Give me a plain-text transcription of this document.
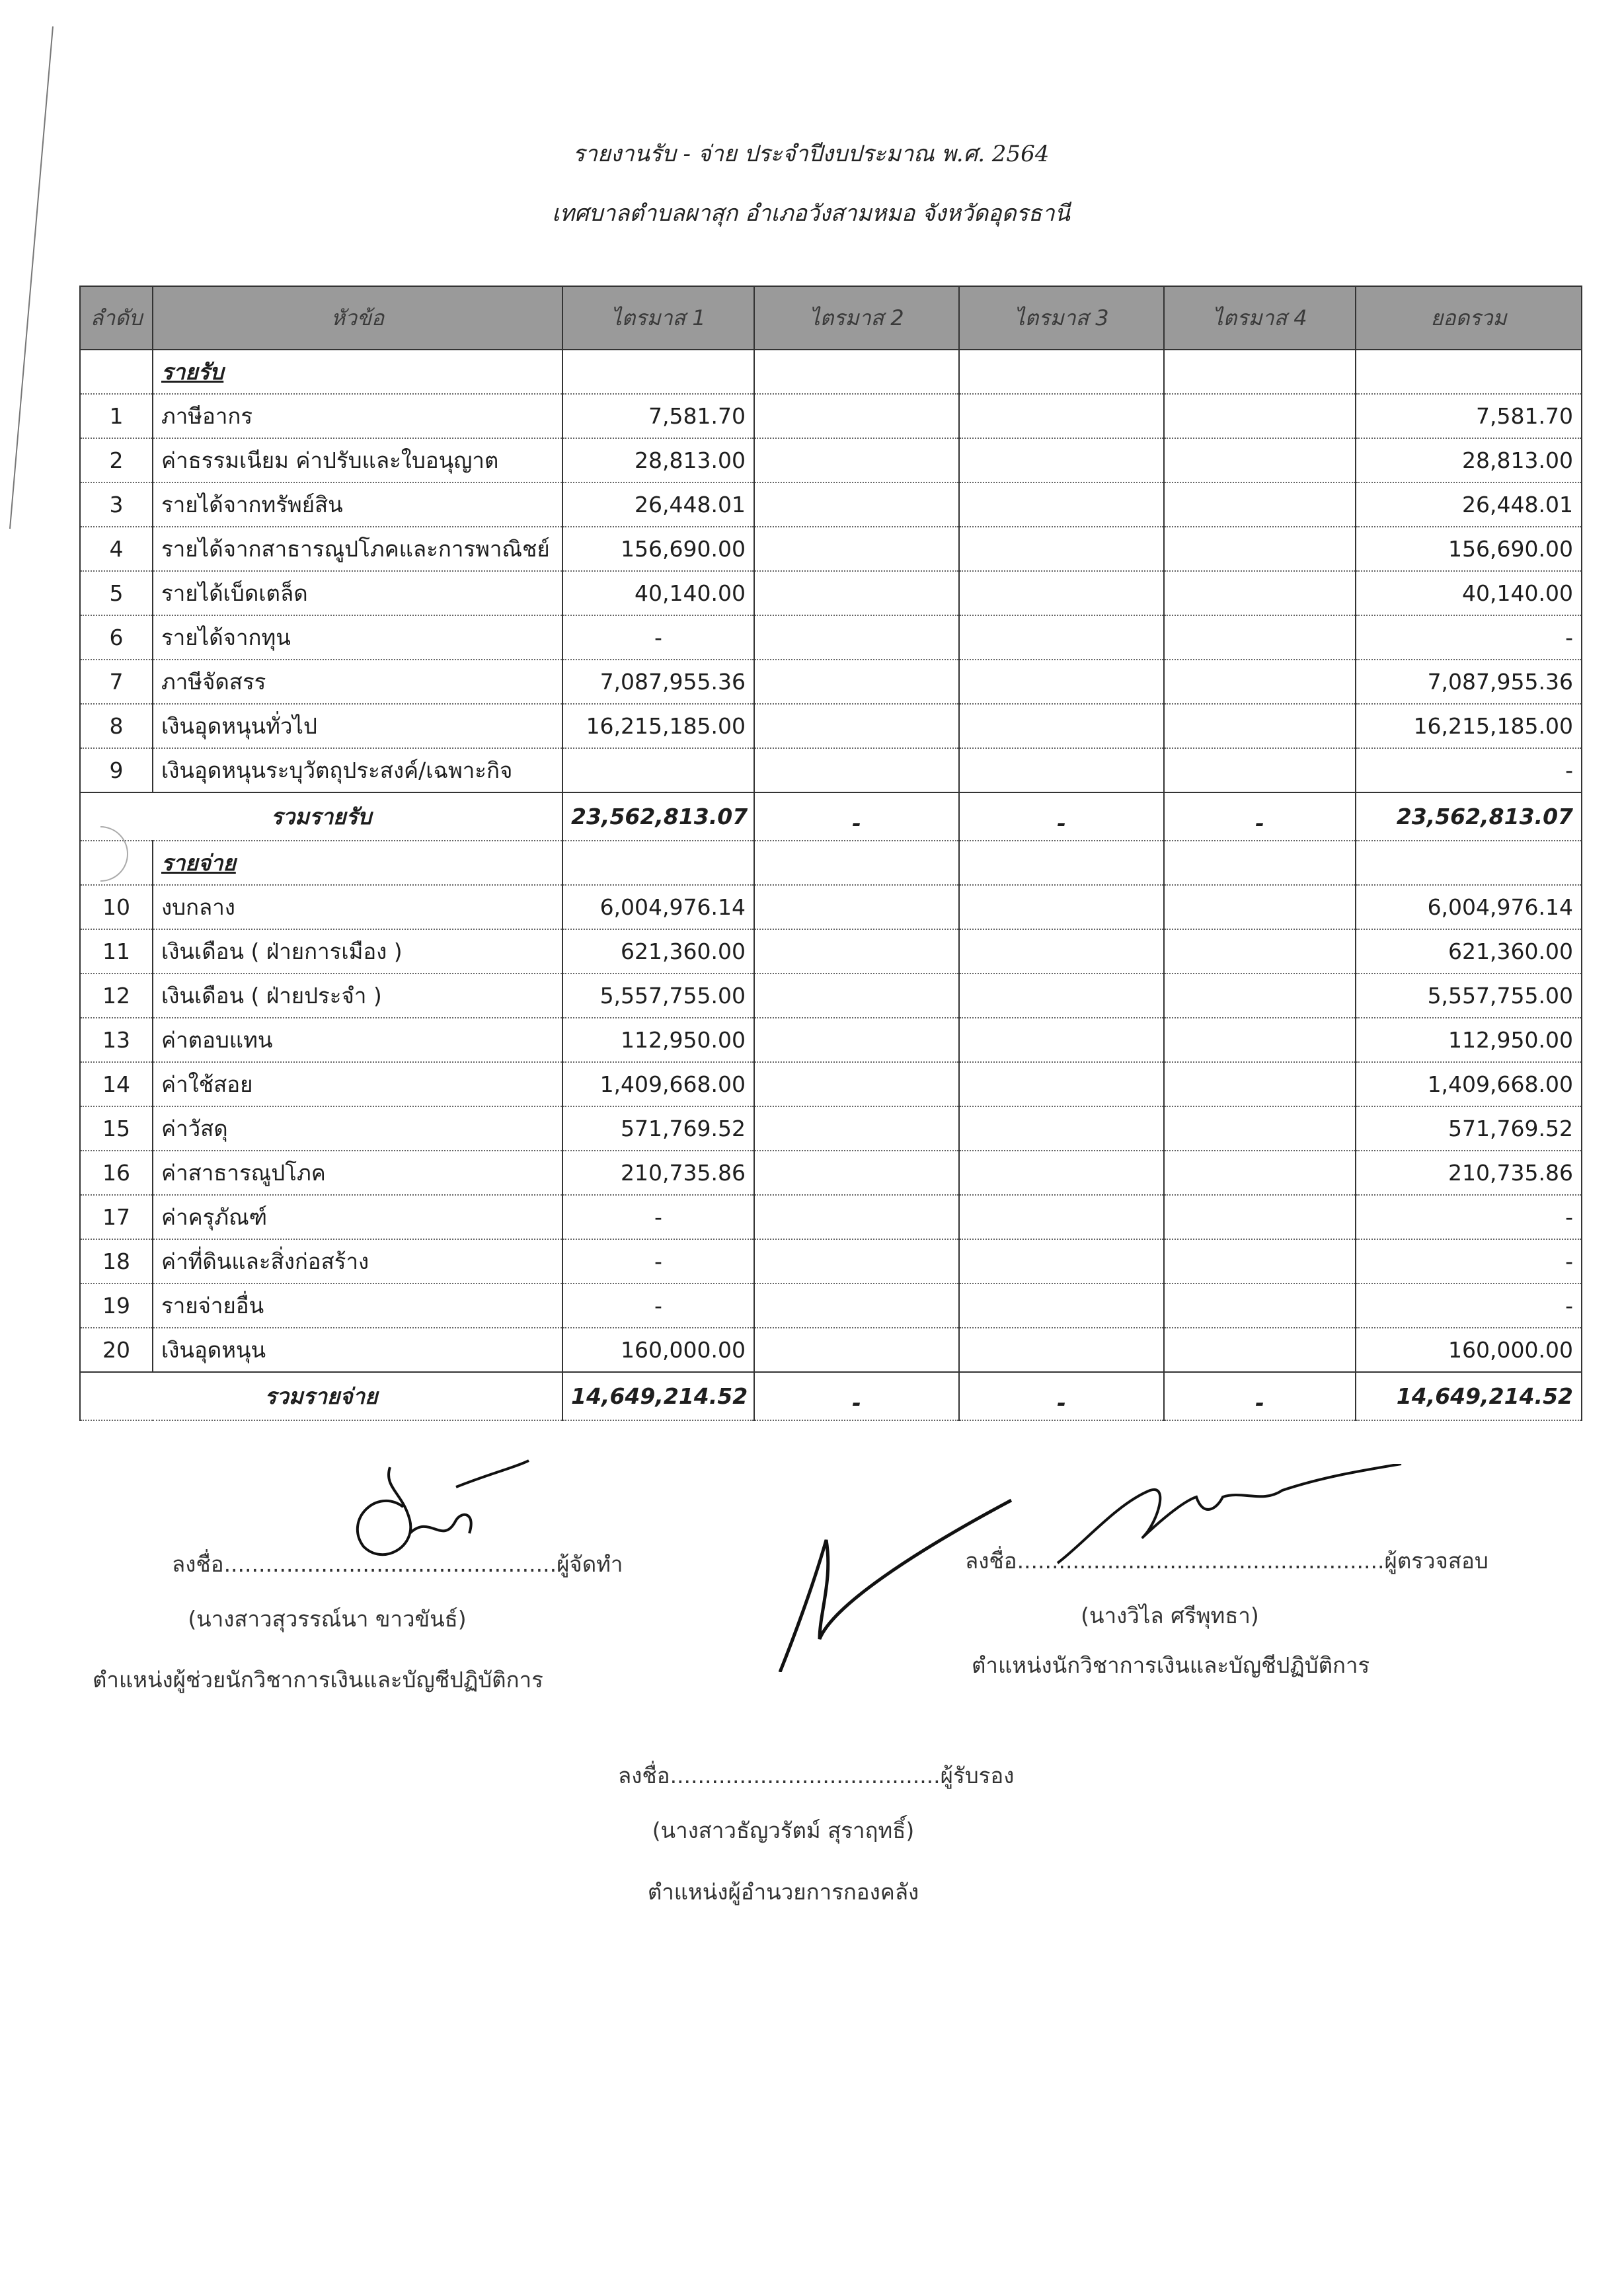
รายงานรับ - จ่าย ประจำปีงบประมาณ พ.ศ. 2564
เทศบาลตำบลผาสุก อำเภอวังสามหมอ จังหวัดอุดรธานี
ลำดับ	หัวข้อ	ไตรมาส 1	ไตรมาส 2	ไตรมาส 3	ไตรมาส 4	ยอดรวม
	รายรับ					
1	ภาษีอากร	7,581.70				7,581.70
2	ค่าธรรมเนียม ค่าปรับและใบอนุญาต	28,813.00				28,813.00
3	รายได้จากทรัพย์สิน	26,448.01				26,448.01
4	รายได้จากสาธารณูปโภคและการพาณิชย์	156,690.00				156,690.00
5	รายได้เบ็ดเตล็ด	40,140.00				40,140.00
6	รายได้จากทุน	-				-
7	ภาษีจัดสรร	7,087,955.36				7,087,955.36
8	เงินอุดหนุนทั่วไป	16,215,185.00				16,215,185.00
9	เงินอุดหนุนระบุวัตถุประสงค์/เฉพาะกิจ					-
รวมรายรับ		23,562,813.07	-	-	-	23,562,813.07
	รายจ่าย					
10	งบกลาง	6,004,976.14				6,004,976.14
11	เงินเดือน ( ฝ่ายการเมือง )	621,360.00				621,360.00
12	เงินเดือน ( ฝ่ายประจำ )	5,557,755.00				5,557,755.00
13	ค่าตอบแทน	112,950.00				112,950.00
14	ค่าใช้สอย	1,409,668.00				1,409,668.00
15	ค่าวัสดุ	571,769.52				571,769.52
16	ค่าสาธารณูปโภค	210,735.86				210,735.86
17	ค่าครุภัณฑ์	-				-
18	ค่าที่ดินและสิ่งก่อสร้าง	-				-
19	รายจ่ายอื่น	-				-
20	เงินอุดหนุน	160,000.00				160,000.00
รวมรายจ่าย		14,649,214.52	-	-	-	14,649,214.52
ลงชื่อ................................................ผู้จัดทำ
(นางสาวสุวรรณ์นา ขาวขันธ์)
ตำแหน่งผู้ช่วยนักวิชาการเงินและบัญชีปฏิบัติการ
ลงชื่อ.....................................................ผู้ตรวจสอบ
(นางวิไล ศรีพุทธา)
ตำแหน่งนักวิชาการเงินและบัญชีปฏิบัติการ
ลงชื่อ.......................................ผู้รับรอง
(นางสาวธัญวรัตม์ สุราฤทธิ์)
ตำแหน่งผู้อำนวยการกองคลัง
